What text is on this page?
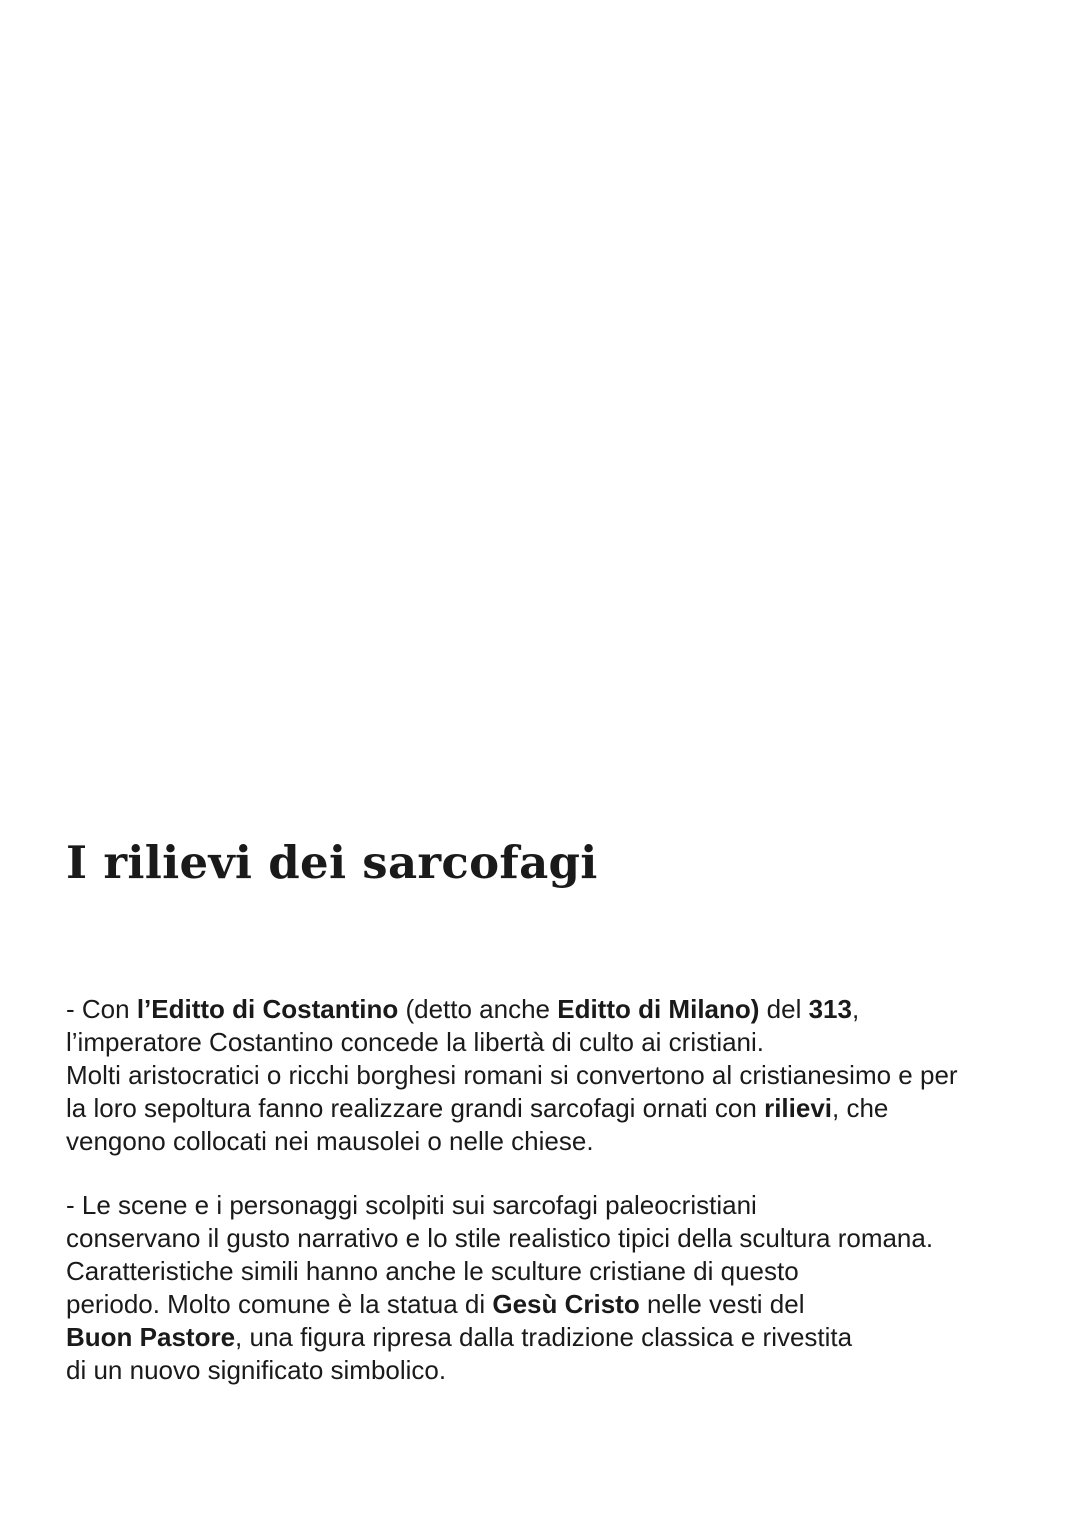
I rilievi dei sarcofagi
- Con l’Editto di Costantino (detto anche Editto di Milano) del 313,
l’imperatore Costantino concede la libertà di culto ai cristiani.
Molti aristocratici o ricchi borghesi romani si convertono al cristianesimo e per
la loro sepoltura fanno realizzare grandi sarcofagi ornati con rilievi, che
vengono collocati nei mausolei o nelle chiese.
- Le scene e i personaggi scolpiti sui sarcofagi paleocristiani
conservano il gusto narrativo e lo stile realistico tipici della scultura romana.
Caratteristiche simili hanno anche le sculture cristiane di questo
periodo. Molto comune è la statua di Gesù Cristo nelle vesti del
Buon Pastore, una figura ripresa dalla tradizione classica e rivestita
di un nuovo significato simbolico.
